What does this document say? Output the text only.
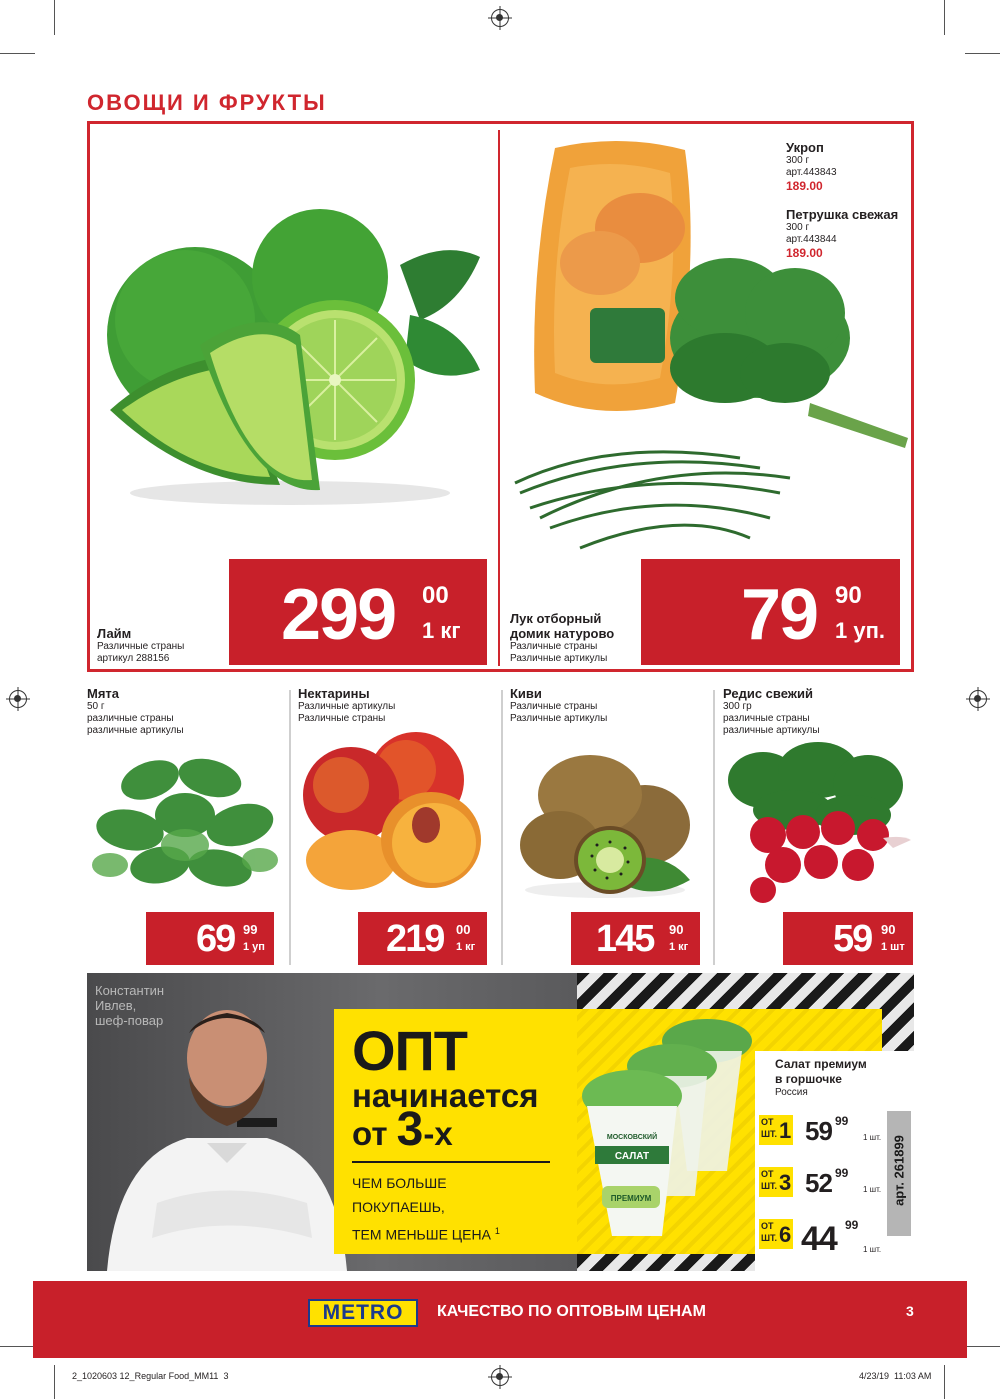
ОВОЩИ И ФРУКТЫ
Лайм
Различные страны
артикул 288156
299 00
1 кг
Укроп
300 г
арт.443843
189.00
Петрушка свежая
300 г
арт.443844
189.00
Лук отборный
домик натурово
Различные страны
Различные артикулы
79 90
1 уп.
Мята
50 г
различные страны
различные артикулы
69 99
1 уп
Нектарины
Различные артикулы
Различные страны
219 00
1 кг
Киви
Различные страны
Различные артикулы
145 90
1 кг
Редис свежий
300 гр
различные страны
различные артикулы
59 90
1 шт
Константин
Ивлев,
шеф-повар	ОПТ
начинается
от 3-х
ЧЕМ БОЛЬШЕ
ПОКУПАЕШЬ,
ТЕМ МЕНЬШЕ ЦЕНА $^1$
САЛАТ
ПРЕМИУМ
МОСКОВСКИЙ
Салат премиум
в горшочке
Россия
ОТ
ШТ. 1 59 99
1 шт.
ОТ
ШТ. 3 52 99
1 шт.
ОТ
ШТ. 6 44 99
1 шт.
арт. 261899
METRO	КАЧЕСТВО ПО ОПТОВЫМ ЦЕНАМ	3
2_1020603 12_Regular Food_MM11 3	4/23/19 11:03 AM
